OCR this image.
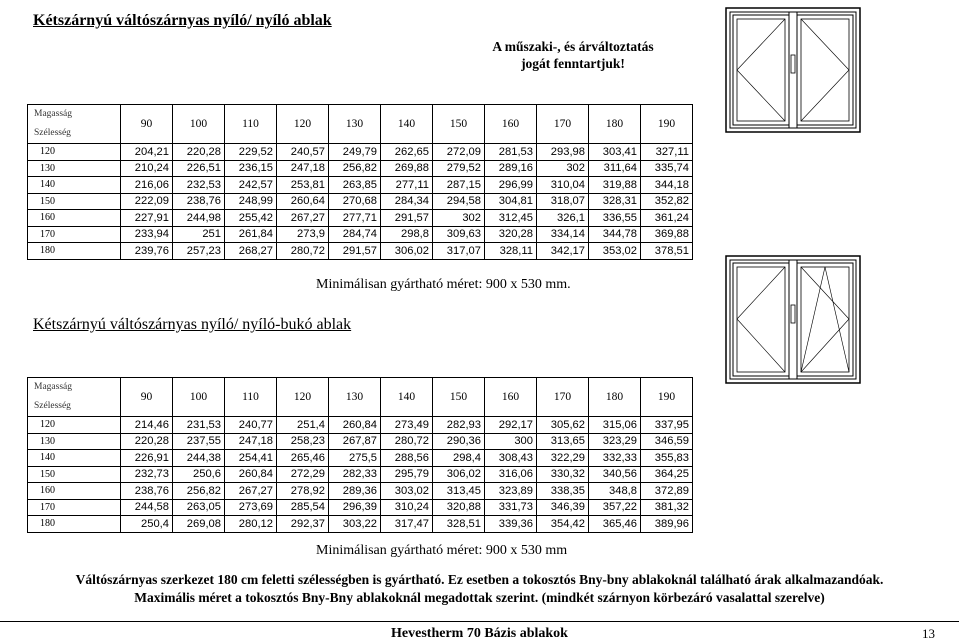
Kétszárnyú váltószárnyas nyíló/ nyíló ablak
A műszaki-, és árváltoztatás
jogát fenntartjuk!
Magasság
Szélesség	90	100	110	120	130	140	150	160	170	180	190
120	204,21	220,28	229,52	240,57	249,79	262,65	272,09	281,53	293,98	303,41	327,11
130	210,24	226,51	236,15	247,18	256,82	269,88	279,52	289,16	302	311,64	335,74
140	216,06	232,53	242,57	253,81	263,85	277,11	287,15	296,99	310,04	319,88	344,18
150	222,09	238,76	248,99	260,64	270,68	284,34	294,58	304,81	318,07	328,31	352,82
160	227,91	244,98	255,42	267,27	277,71	291,57	302	312,45	326,1	336,55	361,24
170	233,94	251	261,84	273,9	284,74	298,8	309,63	320,28	334,14	344,78	369,88
180	239,76	257,23	268,27	280,72	291,57	306,02	317,07	328,11	342,17	353,02	378,51
Minimálisan gyártható méret: 900 x 530 mm.
Kétszárnyú váltószárnyas nyíló/ nyíló-bukó ablak
Magasság
Szélesség	90	100	110	120	130	140	150	160	170	180	190
120	214,46	231,53	240,77	251,4	260,84	273,49	282,93	292,17	305,62	315,06	337,95
130	220,28	237,55	247,18	258,23	267,87	280,72	290,36	300	313,65	323,29	346,59
140	226,91	244,38	254,41	265,46	275,5	288,56	298,4	308,43	322,29	332,33	355,83
150	232,73	250,6	260,84	272,29	282,33	295,79	306,02	316,06	330,32	340,56	364,25
160	238,76	256,82	267,27	278,92	289,36	303,02	313,45	323,89	338,35	348,8	372,89
170	244,58	263,05	273,69	285,54	296,39	310,24	320,88	331,73	346,39	357,22	381,32
180	250,4	269,08	280,12	292,37	303,22	317,47	328,51	339,36	354,42	365,46	389,96
Minimálisan gyártható méret: 900 x 530 mm
Váltószárnyas szerkezet 180 cm feletti szélességben is gyártható. Ez esetben a tokosztós Bny-bny ablakoknál található árak alkalmazandóak.
Maximális méret a tokosztós Bny-Bny ablakoknál megadottak szerint. (mindkét szárnyon körbezáró vasalattal szerelve)
Hevestherm 70 Bázis ablakok	13
